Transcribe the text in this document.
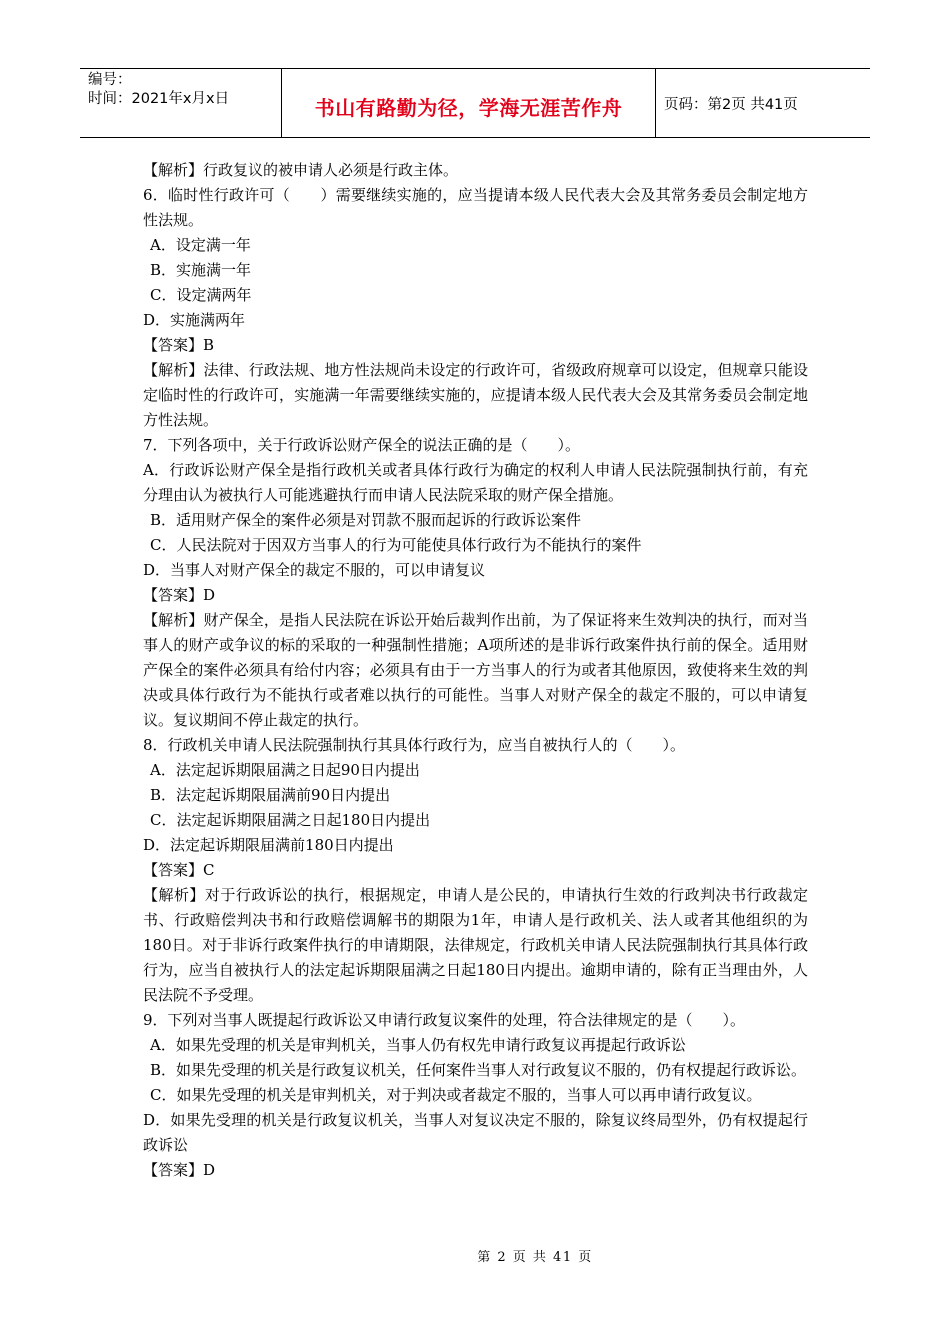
编号：
时间：2021年x月x日	书山有路勤为径，学海无涯苦作舟	页码：第2页 共41页

【解析】行政复议的被申请人必须是行政主体。

6．临时性行政许可（　　）需要继续实施的，应当提请本级人民代表大会及其常务委员会制定地方性法规。

A．设定满一年

B．实施满一年

C．设定满两年

D．实施满两年

【答案】B

【解析】法律、行政法规、地方性法规尚未设定的行政许可，省级政府规章可以设定，但规章只能设定临时性的行政许可，实施满一年需要继续实施的，应提请本级人民代表大会及其常务委员会制定地方性法规。

7．下列各项中，关于行政诉讼财产保全的说法正确的是（　　）。

A．行政诉讼财产保全是指行政机关或者具体行政行为确定的权利人申请人民法院强制执行前，有充分理由认为被执行人可能逃避执行而申请人民法院采取的财产保全措施。

B．适用财产保全的案件必须是对罚款不服而起诉的行政诉讼案件

C．人民法院对于因双方当事人的行为可能使具体行政行为不能执行的案件

D．当事人对财产保全的裁定不服的，可以申请复议

【答案】D

【解析】财产保全，是指人民法院在诉讼开始后裁判作出前，为了保证将来生效判决的执行，而对当事人的财产或争议的标的采取的一种强制性措施；A项所述的是非诉行政案件执行前的保全。适用财产保全的案件必须具有给付内容；必须具有由于一方当事人的行为或者其他原因，致使将来生效的判决或具体行政行为不能执行或者难以执行的可能性。当事人对财产保全的裁定不服的，可以申请复议。复议期间不停止裁定的执行。

8．行政机关申请人民法院强制执行其具体行政行为，应当自被执行人的（　　）。

A．法定起诉期限届满之日起90日内提出

B．法定起诉期限届满前90日内提出

C．法定起诉期限届满之日起180日内提出

D．法定起诉期限届满前180日内提出

【答案】C

【解析】对于行政诉讼的执行，根据规定，申请人是公民的，申请执行生效的行政判决书行政裁定书、行政赔偿判决书和行政赔偿调解书的期限为1年，申请人是行政机关、法人或者其他组织的为180日。对于非诉行政案件执行的申请期限，法律规定，行政机关申请人民法院强制执行其具体行政行为，应当自被执行人的法定起诉期限届满之日起180日内提出。逾期申请的，除有正当理由外，人民法院不予受理。

9．下列对当事人既提起行政诉讼又申请行政复议案件的处理，符合法律规定的是（　　）。

A．如果先受理的机关是审判机关，当事人仍有权先申请行政复议再提起行政诉讼

B．如果先受理的机关是行政复议机关，任何案件当事人对行政复议不服的，仍有权提起行政诉讼。

C．如果先受理的机关是审判机关，对于判决或者裁定不服的，当事人可以再申请行政复议。

D．如果先受理的机关是行政复议机关，当事人对复议决定不服的，除复议终局型外，仍有权提起行政诉讼

【答案】D

第 2 页 共 41 页
